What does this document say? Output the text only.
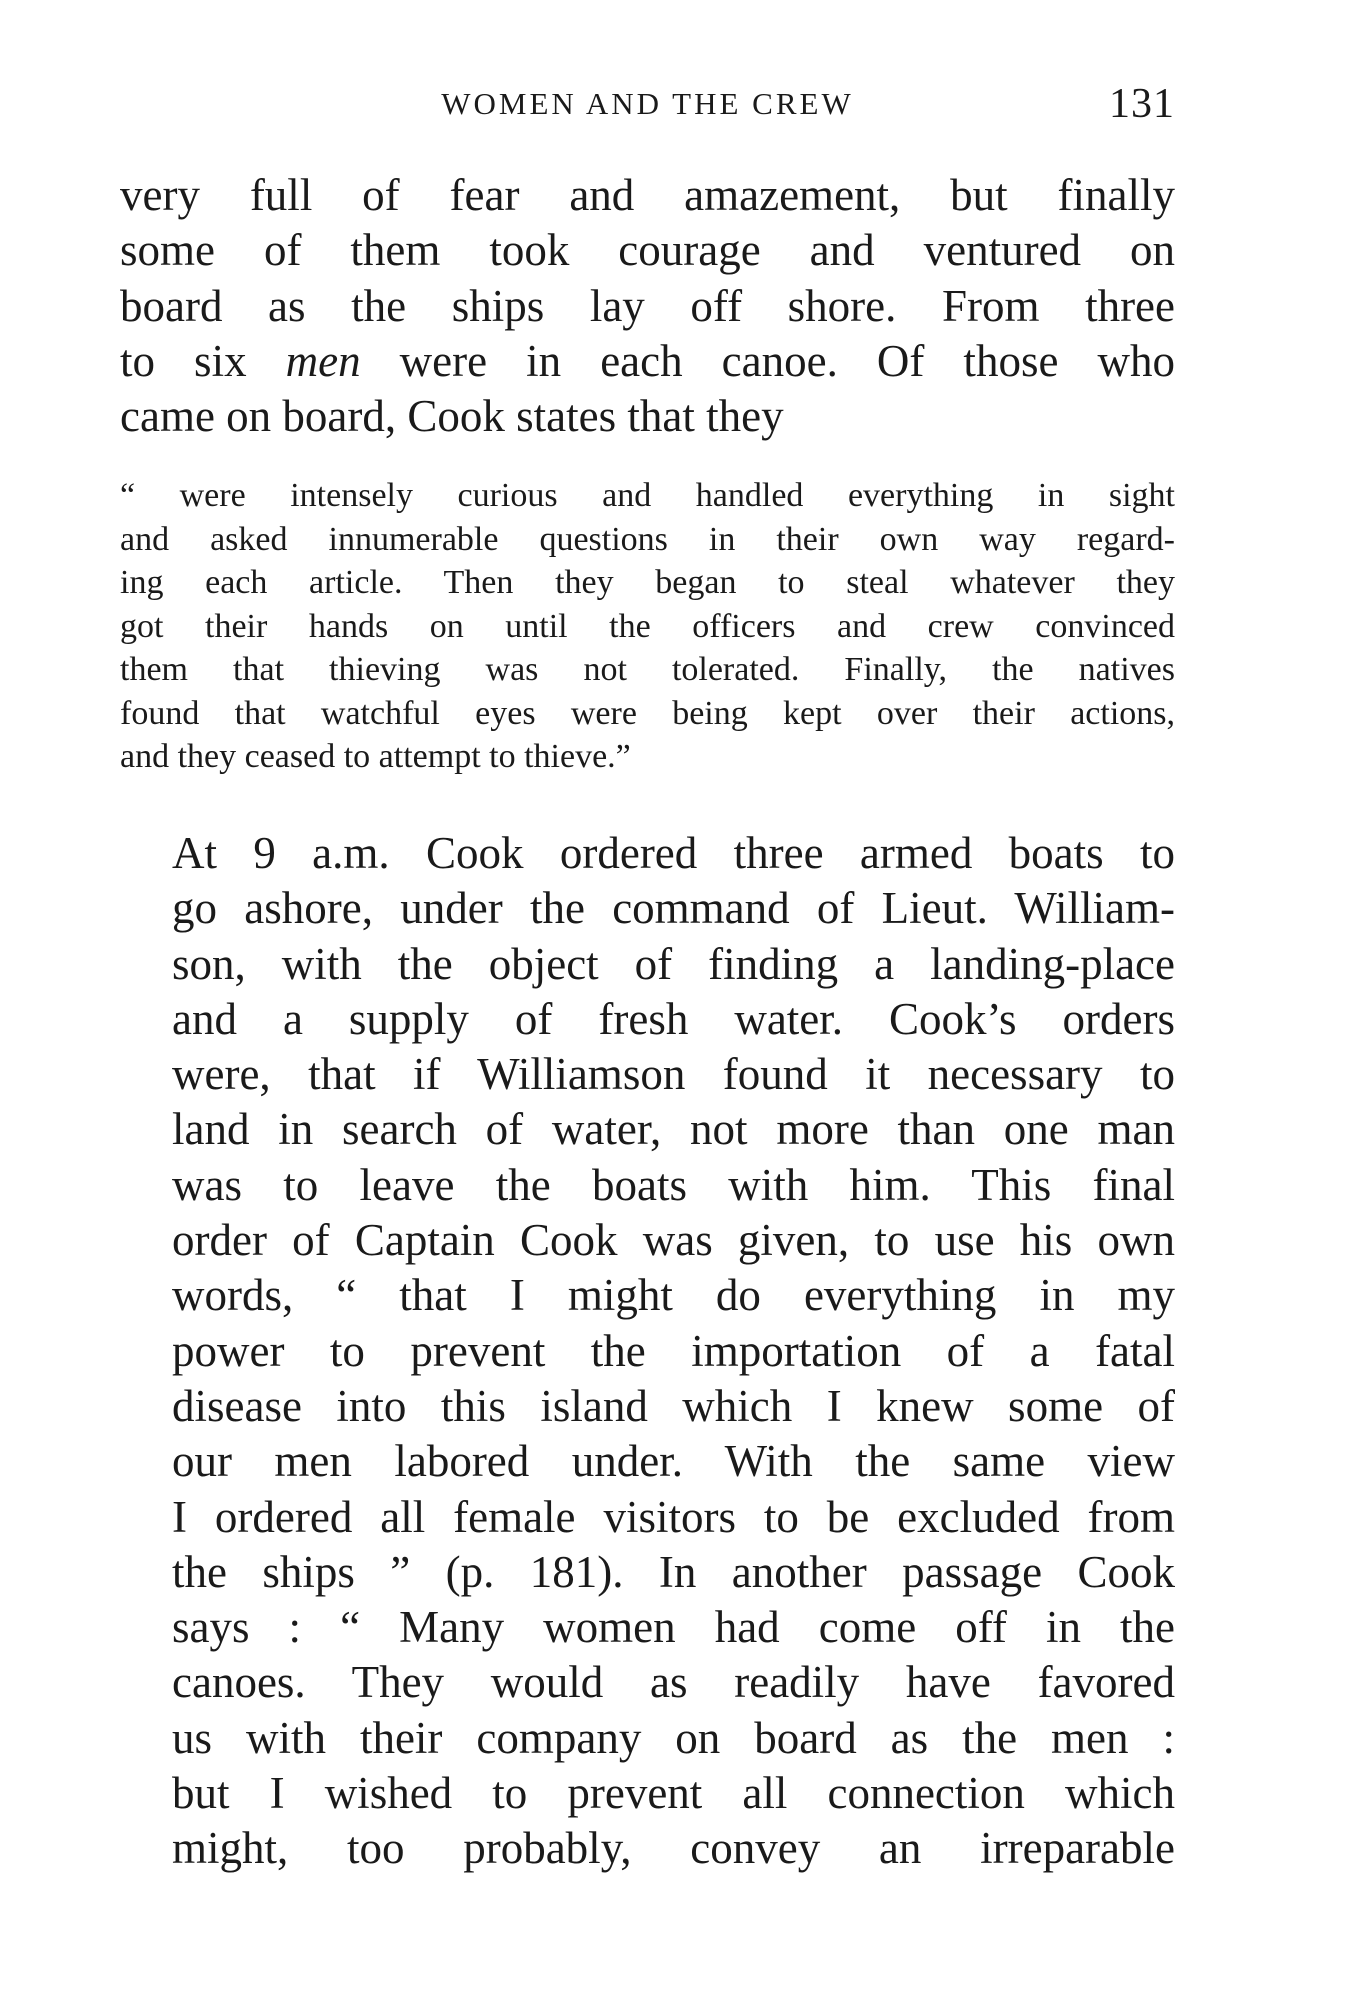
WOMEN AND THE CREW	131

very full of fear and amazement, but finally
some of them took courage and ventured on
board as the ships lay off shore. From three
to six men were in each canoe. Of those who
came on board, Cook states that they

“ were intensely curious and handled everything in sight
and asked innumerable questions in their own way regard-
ing each article. Then they began to steal whatever they
got their hands on until the officers and crew convinced
them that thieving was not tolerated. Finally, the natives
found that watchful eyes were being kept over their actions,
and they ceased to attempt to thieve.”

At 9 a.m. Cook ordered three armed boats to
go ashore, under the command of Lieut. William-
son, with the object of finding a landing-place
and a supply of fresh water. Cook’s orders
were, that if Williamson found it necessary to
land in search of water, not more than one man
was to leave the boats with him. This final
order of Captain Cook was given, to use his own
words, “ that I might do everything in my
power to prevent the importation of a fatal
disease into this island which I knew some of
our men labored under. With the same view
I ordered all female visitors to be excluded from
the ships ” (p. 181). In another passage Cook
says : “ Many women had come off in the
canoes. They would as readily have favored
us with their company on board as the men :
but I wished to prevent all connection which
might, too probably, convey an irreparable
